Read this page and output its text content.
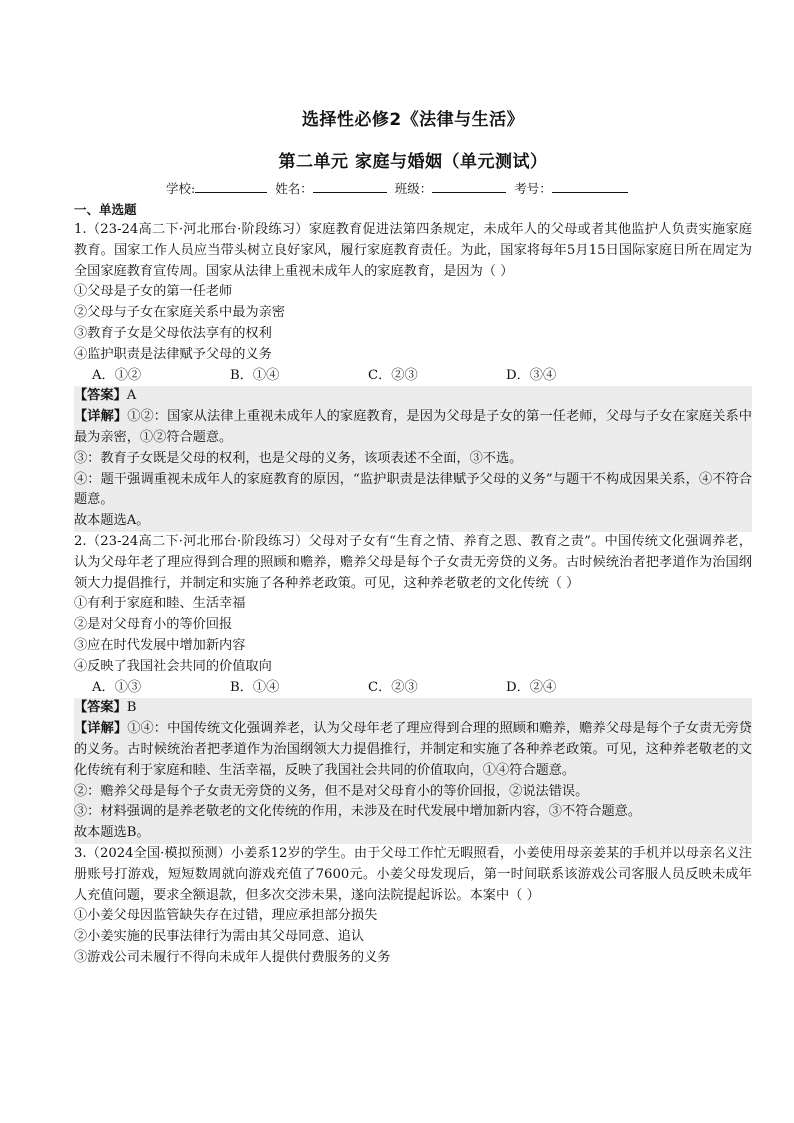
选择性必修2《法律与生活》
第二单元 家庭与婚姻（单元测试）
学校:	姓名：	班级：	考号：
一、单选题

1.（23-24高二下·河北邢台·阶段练习）家庭教育促进法第四条规定，未成年人的父母或者其他监护人负责实施家庭教育。国家工作人员应当带头树立良好家风，履行家庭教育责任。为此，国家将每年5月15日国际家庭日所在周定为全国家庭教育宣传周。国家从法律上重视未成年人的家庭教育，是因为（ ）

①父母是子女的第一任老师

②父母与子女在家庭关系中最为亲密

③教育子女是父母依法享有的权利

④监护职责是法律赋予父母的义务

A．①②	B．①④	C．②③	D．③④

【答案】A

【详解】①②：国家从法律上重视未成年人的家庭教育，是因为父母是子女的第一任老师，父母与子女在家庭关系中最为亲密，①②符合题意。

③：教育子女既是父母的权利，也是父母的义务，该项表述不全面，③不选。

④：题干强调重视未成年人的家庭教育的原因，“监护职责是法律赋予父母的义务”与题干不构成因果关系，④不符合题意。

故本题选A。

2.（23-24高二下·河北邢台·阶段练习）父母对子女有“生育之情、养育之恩、教育之责”。中国传统文化强调养老，认为父母年老了理应得到合理的照顾和赡养，赡养父母是每个子女责无旁贷的义务。古时候统治者把孝道作为治国纲领大力提倡推行，并制定和实施了各种养老政策。可见，这种养老敬老的文化传统（ ）

①有利于家庭和睦、生活幸福

②是对父母育小的等价回报

③应在时代发展中增加新内容

④反映了我国社会共同的价值取向

A．①③	B．①④	C．②③	D．②④

【答案】B

【详解】①④：中国传统文化强调养老，认为父母年老了理应得到合理的照顾和赡养，赡养父母是每个子女责无旁贷的义务。古时候统治者把孝道作为治国纲领大力提倡推行，并制定和实施了各种养老政策。可见，这种养老敬老的文化传统有利于家庭和睦、生活幸福，反映了我国社会共同的价值取向，①④符合题意。

②：赡养父母是每个子女责无旁贷的义务，但不是对父母育小的等价回报，②说法错误。

③：材料强调的是养老敬老的文化传统的作用，未涉及在时代发展中增加新内容，③不符合题意。

故本题选B。

3.（2024全国·模拟预测）小姜系12岁的学生。由于父母工作忙无暇照看，小姜使用母亲姜某的手机并以母亲名义注册账号打游戏，短短数周就向游戏充值了7600元。小姜父母发现后，第一时间联系该游戏公司客服人员反映未成年人充值问题，要求全额退款，但多次交涉未果，遂向法院提起诉讼。本案中（ ）

①小姜父母因监管缺失存在过错，理应承担部分损失

②小姜实施的民事法律行为需由其父母同意、追认

③游戏公司未履行不得向未成年人提供付费服务的义务
